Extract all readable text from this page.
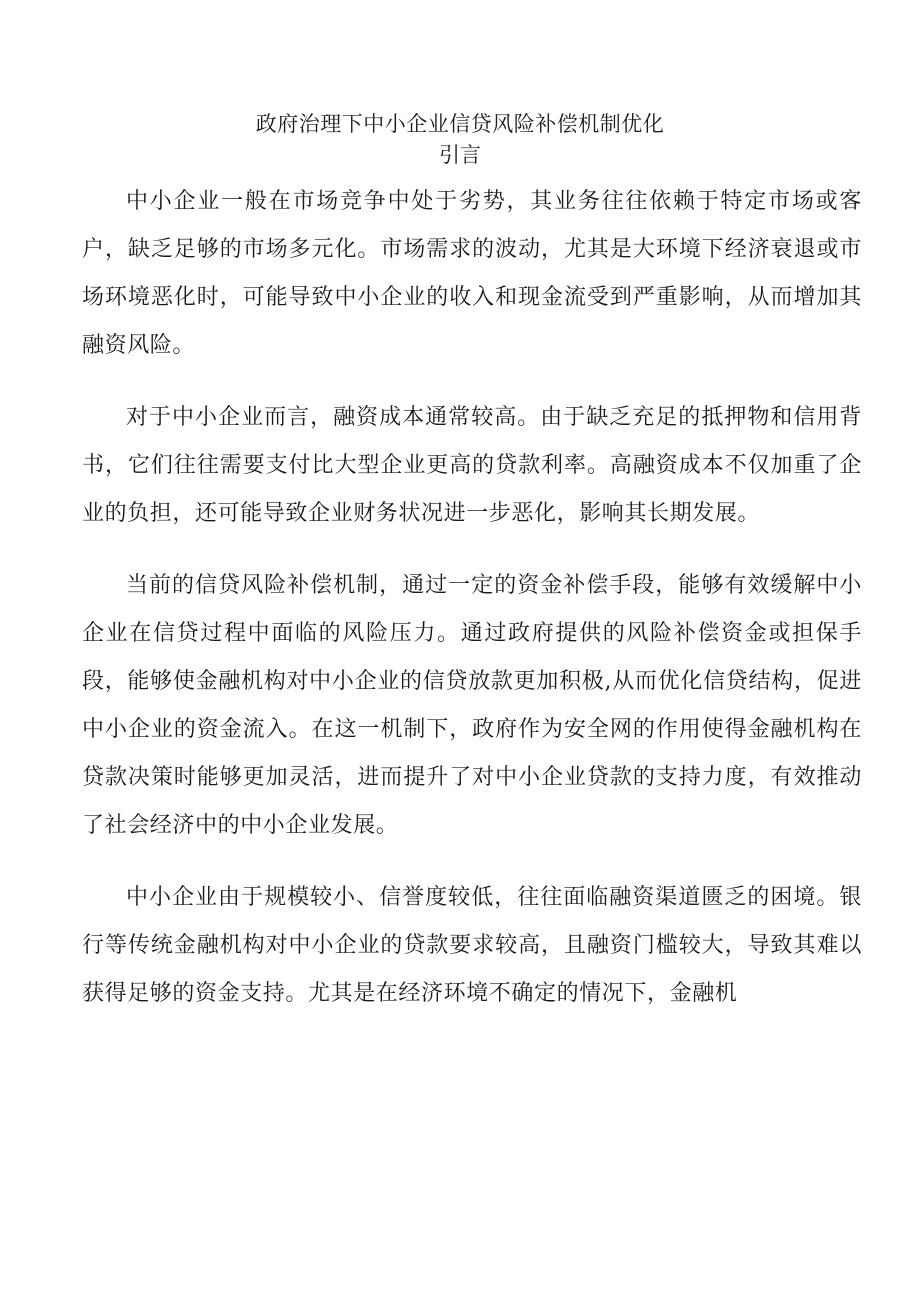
政府治理下中小企业信贷风险补偿机制优化
引言

中小企业一般在市场竞争中处于劣势，其业务往往依赖于特定市场或客户，缺乏足够的市场多元化。市场需求的波动，尤其是大环境下经济衰退或市场环境恶化时，可能导致中小企业的收入和现金流受到严重影响，从而增加其融资风险。

对于中小企业而言，融资成本通常较高。由于缺乏充足的抵押物和信用背书，它们往往需要支付比大型企业更高的贷款利率。高融资成本不仅加重了企业的负担，还可能导致企业财务状况进一步恶化，影响其长期发展。

当前的信贷风险补偿机制，通过一定的资金补偿手段，能够有效缓解中小企业在信贷过程中面临的风险压力。通过政府提供的风险补偿资金或担保手段，能够使金融机构对中小企业的信贷放款更加积极,从而优化信贷结构，促进中小企业的资金流入。在这一机制下，政府作为安全网的作用使得金融机构在贷款决策时能够更加灵活，进而提升了对中小企业贷款的支持力度，有效推动了社会经济中的中小企业发展。

中小企业由于规模较小、信誉度较低，往往面临融资渠道匮乏的困境。银行等传统金融机构对中小企业的贷款要求较高，且融资门槛较大，导致其难以获得足够的资金支持。尤其是在经济环境不确定的情况下，金融机
